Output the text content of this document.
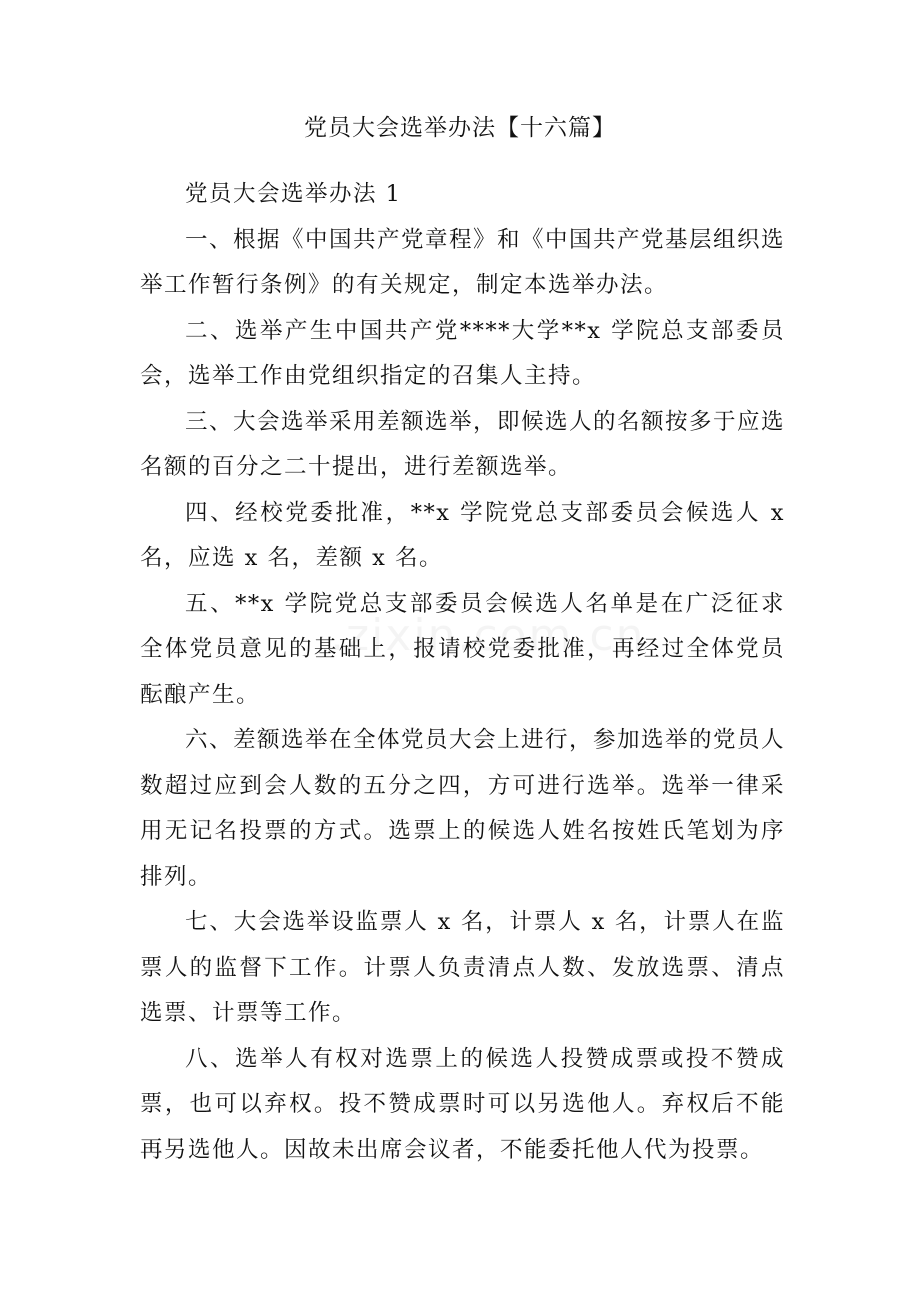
党员大会选举办法【十六篇】

党员大会选举办法 1

一、根据《中国共产党章程》和《中国共产党基层组织选举工作暂行条例》的有关规定，制定本选举办法。

二、选举产生中国共产党****大学**x 学院总支部委员会，选举工作由党组织指定的召集人主持。

三、大会选举采用差额选举，即候选人的名额按多于应选名额的百分之二十提出，进行差额选举。

四、经校党委批准，**x 学院党总支部委员会候选人 x 名，应选 x 名，差额 x 名。

五、**x 学院党总支部委员会候选人名单是在广泛征求全体党员意见的基础上，报请校党委批准，再经过全体党员酝酿产生。

六、差额选举在全体党员大会上进行，参加选举的党员人数超过应到会人数的五分之四，方可进行选举。选举一律采用无记名投票的方式。选票上的候选人姓名按姓氏笔划为序排列。

七、大会选举设监票人 x 名，计票人 x 名，计票人在监票人的监督下工作。计票人负责清点人数、发放选票、清点选票、计票等工作。

八、选举人有权对选票上的候选人投赞成票或投不赞成票，也可以弃权。投不赞成票时可以另选他人。弃权后不能再另选他人。因故未出席会议者，不能委托他人代为投票。
